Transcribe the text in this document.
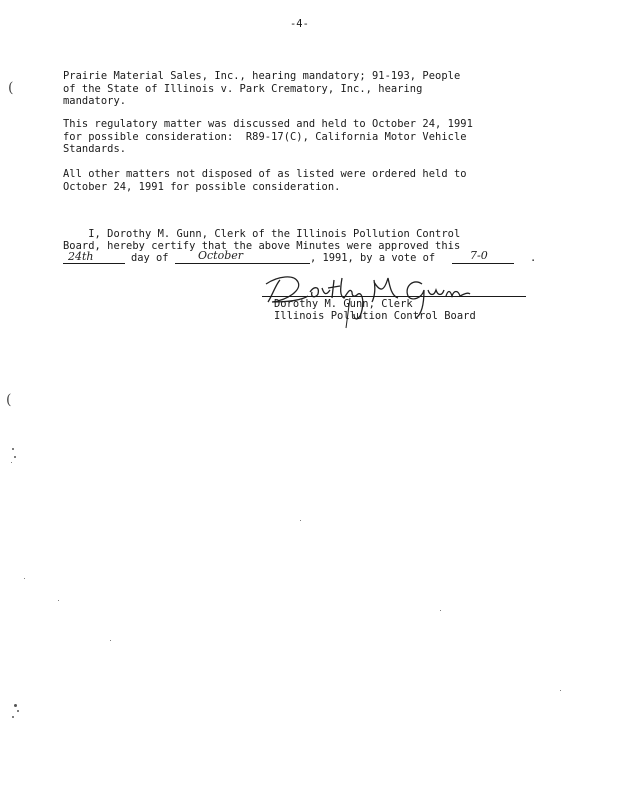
-4-
Prairie Material Sales, Inc., hearing mandatory; 91-193, People
of the State of Illinois v. Park Crematory, Inc., hearing
mandatory.
This regulatory matter was discussed and held to October 24, 1991
for possible consideration:  R89-17(C), California Motor Vehicle
Standards.
All other matters not disposed of as listed were ordered held to
October 24, 1991 for possible consideration.
I, Dorothy M. Gunn, Clerk of the Illinois Pollution Control
Board, hereby certify that the above Minutes were approved this
24th	day of	October	, 1991, by a vote of	7-0	.
Dorothy M. Gunn, Clerk
Illinois Pollution Control Board
(
(
